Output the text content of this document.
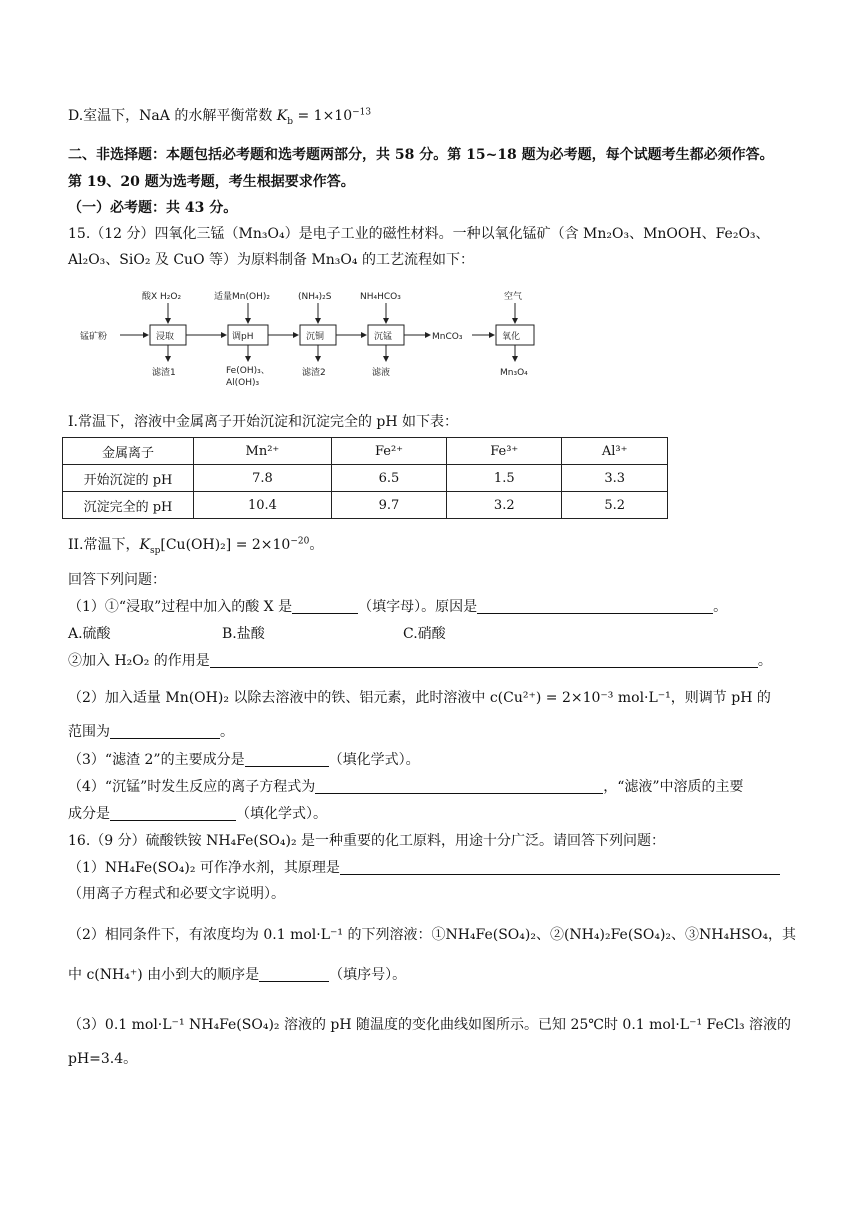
D.室温下，NaA 的水解平衡常数 $K_b = 1\times 10^{-13}$
二、非选择题：本题包括必考题和选考题两部分，共 58 分。第 15~18 题为必考题，每个试题考生都必须作答。
第 19、20 题为选考题，考生根据要求作答。
（一）必考题：共 43 分。
15.（12 分）四氧化三锰（Mn₃O₄）是电子工业的磁性材料。一种以氧化锰矿（含 Mn₂O₃、MnOOH、Fe₂O₃、
Al₂O₃、SiO₂ 及 CuO 等）为原料制备 Mn₃O₄ 的工艺流程如下：
锰矿粉	浸取	调pH	沉铜	沉锰	MnCO₃	氧化
酸X H₂O₂	适量Mn(OH)₂	(NH₄)₂S	NH₄HCO₃	空气
滤渣1	Fe(OH)₃、
Al(OH)₃
滤渣2	滤液	Mn₃O₄
I.常温下，溶液中金属离子开始沉淀和沉淀完全的 pH 如下表：
金属离子	Mn²⁺	Fe²⁺	Fe³⁺	Al³⁺
开始沉淀的 pH	7.8	6.5	1.5	3.3
沉淀完全的 pH	10.4	9.7	3.2	5.2
II.常温下，$K_{sp}[Cu(OH)_2] = 2\times 10^{-20}$。
回答下列问题：
（1）①“浸取”过程中加入的酸 X 是	（填字母）。原因是	。
A.硫酸	B.盐酸	C.硝酸
②加入 H₂O₂ 的作用是	。
（2）加入适量 Mn(OH)₂ 以除去溶液中的铁、铝元素，此时溶液中 c(Cu²⁺) = 2×10⁻³ mol·L⁻¹，则调节 pH 的
范围为	。
（3）“滤渣 2”的主要成分是	（填化学式）。
（4）“沉锰”时发生反应的离子方程式为	，“滤液”中溶质的主要
成分是	（填化学式）。
16.（9 分）硫酸铁铵 NH₄Fe(SO₄)₂ 是一种重要的化工原料，用途十分广泛。请回答下列问题：
（1）NH₄Fe(SO₄)₂ 可作净水剂，其原理是
（用离子方程式和必要文字说明）。
（2）相同条件下，有浓度均为 0.1 mol·L⁻¹ 的下列溶液：①NH₄Fe(SO₄)₂、②(NH₄)₂Fe(SO₄)₂、③NH₄HSO₄，其
中 c(NH₄⁺) 由小到大的顺序是	（填序号）。
（3）0.1 mol·L⁻¹ NH₄Fe(SO₄)₂ 溶液的 pH 随温度的变化曲线如图所示。已知 25℃时 0.1 mol·L⁻¹ FeCl₃ 溶液的
pH=3.4。
